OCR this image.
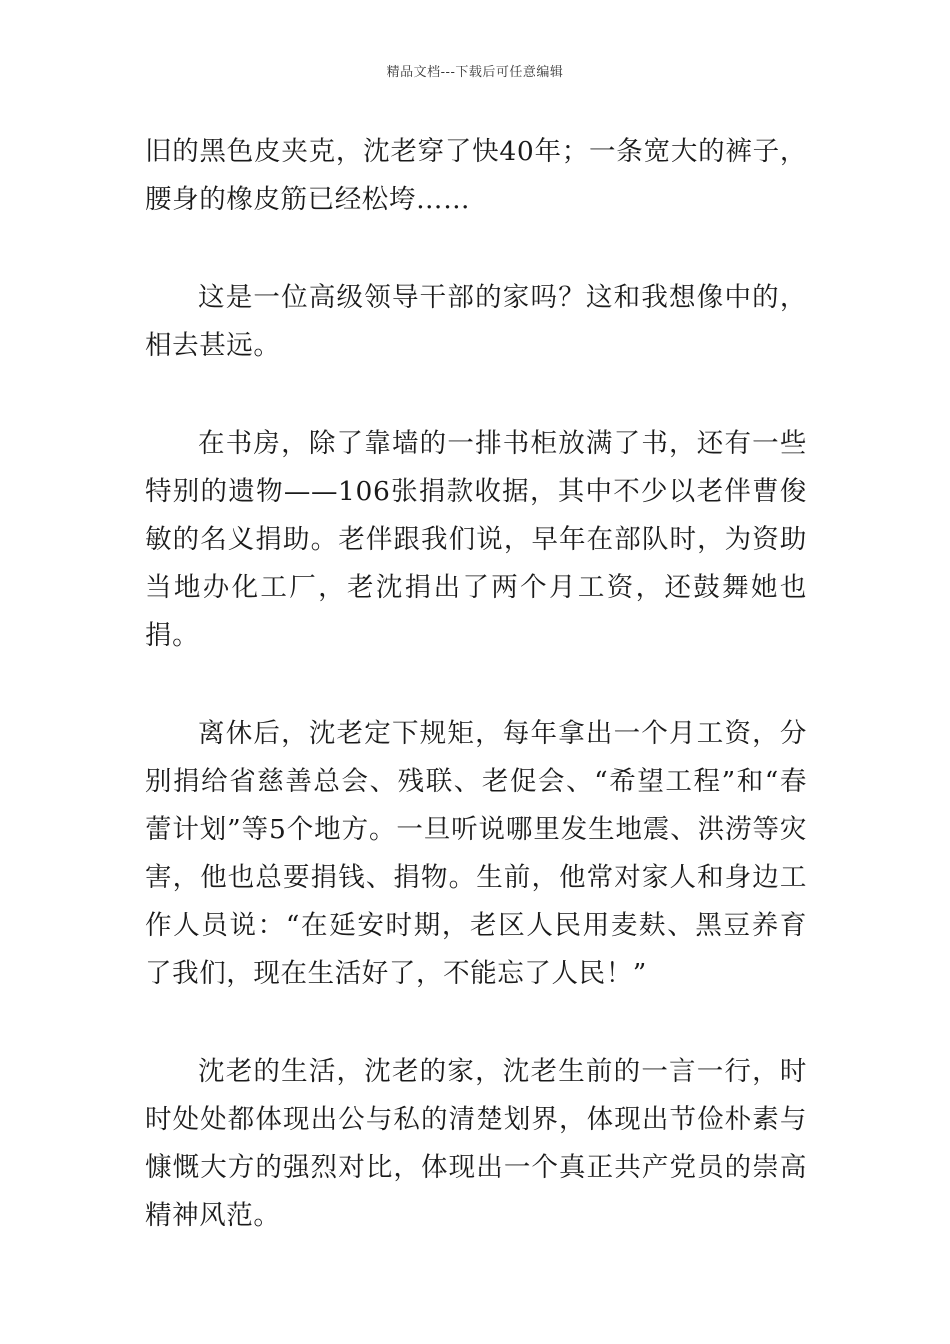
精品文档---下载后可任意编辑

旧的黑色皮夹克，沈老穿了快40年；一条宽大的裤子，腰身的橡皮筋已经松垮……

这是一位高级领导干部的家吗？这和我想像中的，相去甚远。

在书房，除了靠墙的一排书柜放满了书，还有一些特别的遗物——106张捐款收据，其中不少以老伴曹俊敏的名义捐助。老伴跟我们说，早年在部队时，为资助当地办化工厂，老沈捐出了两个月工资，还鼓舞她也捐。

离休后，沈老定下规矩，每年拿出一个月工资，分别捐给省慈善总会、残联、老促会、“希望工程”和“春蕾计划”等5个地方。一旦听说哪里发生地震、洪涝等灾害，他也总要捐钱、捐物。生前，他常对家人和身边工作人员说：“在延安时期，老区人民用麦麸、黑豆养育了我们，现在生活好了，不能忘了人民！”

沈老的生活，沈老的家，沈老生前的一言一行，时时处处都体现出公与私的清楚划界，体现出节俭朴素与慷慨大方的强烈对比，体现出一个真正共产党员的崇高精神风范。
